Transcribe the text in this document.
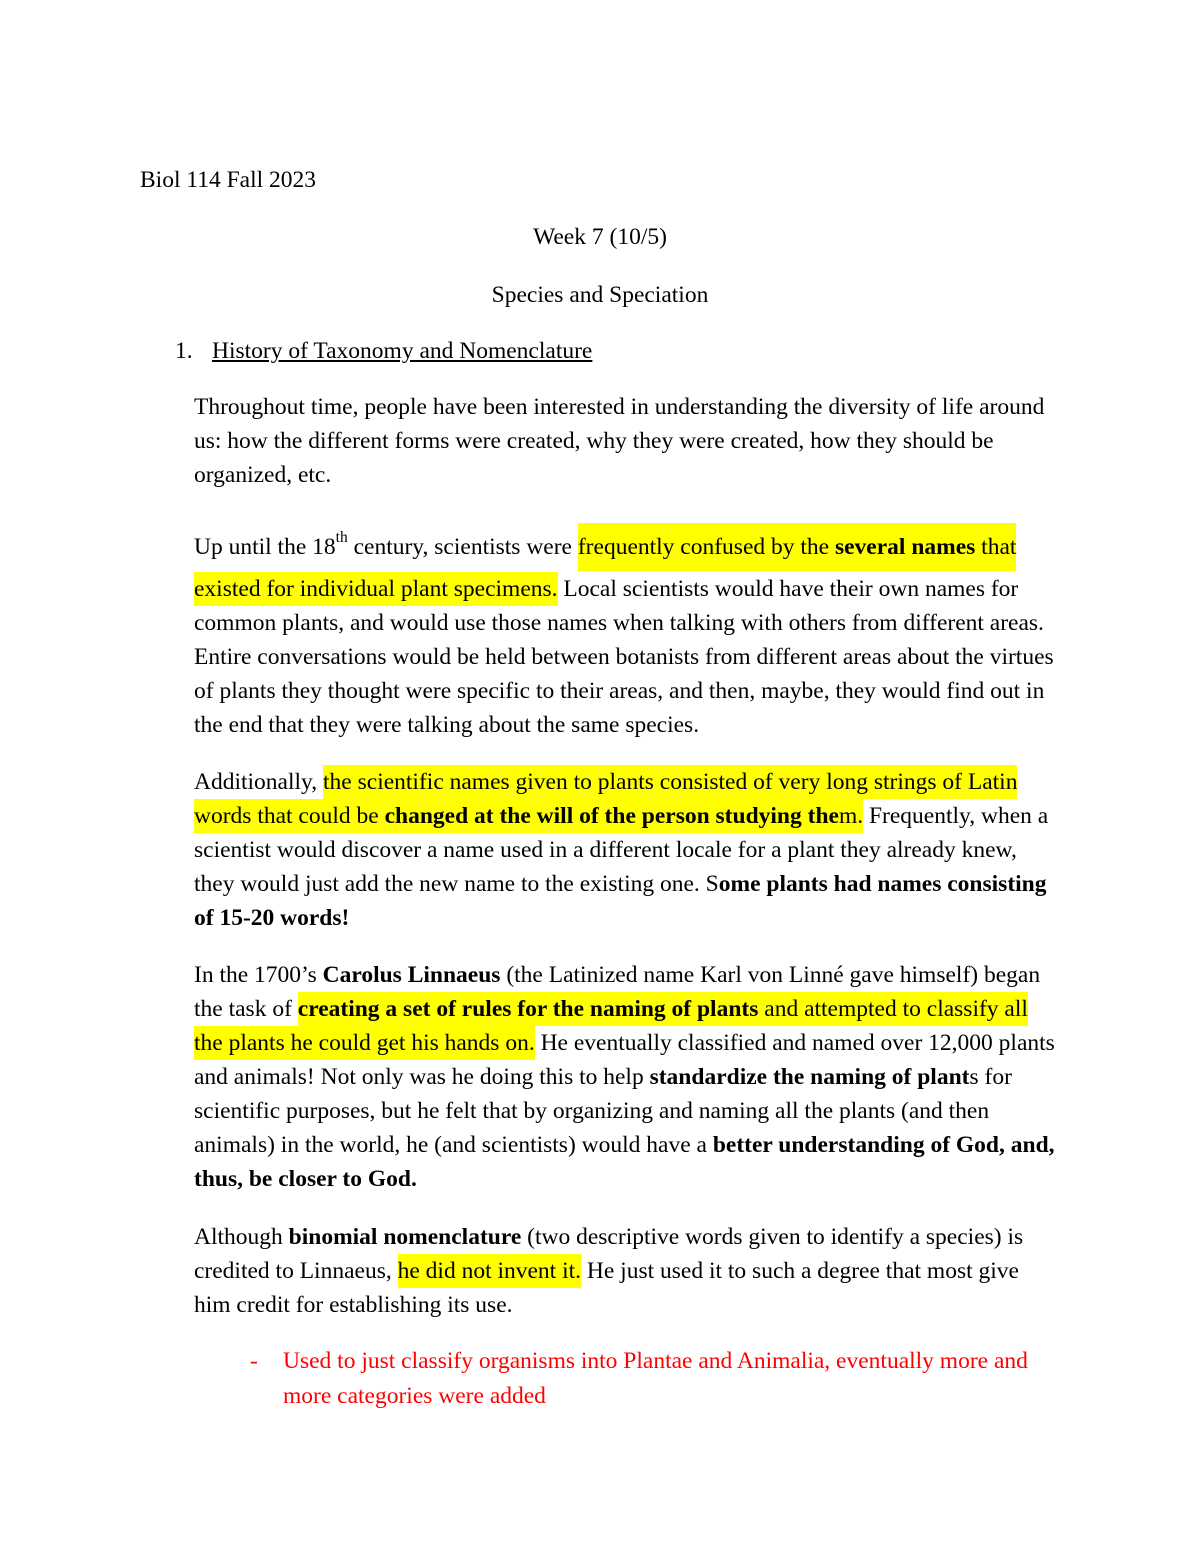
Biol 114 Fall 2023
Week 7 (10/5)
Species and Speciation
1. History of Taxonomy and Nomenclature
Throughout time, people have been interested in understanding the diversity of life around
us: how the different forms were created, why they were created, how they should be
organized, etc.
Up until the 18th century, scientists were frequently confused by the several names that
existed for individual plant specimens. Local scientists would have their own names for
common plants, and would use those names when talking with others from different areas.
Entire conversations would be held between botanists from different areas about the virtues
of plants they thought were specific to their areas, and then, maybe, they would find out in
the end that they were talking about the same species.
Additionally, the scientific names given to plants consisted of very long strings of Latin
words that could be changed at the will of the person studying them. Frequently, when a
scientist would discover a name used in a different locale for a plant they already knew,
they would just add the new name to the existing one. Some plants had names consisting
of 15-20 words!
In the 1700’s Carolus Linnaeus (the Latinized name Karl von Linné gave himself) began
the task of creating a set of rules for the naming of plants and attempted to classify all
the plants he could get his hands on. He eventually classified and named over 12,000 plants
and animals! Not only was he doing this to help standardize the naming of plants for
scientific purposes, but he felt that by organizing and naming all the plants (and then
animals) in the world, he (and scientists) would have a better understanding of God, and,
thus, be closer to God.
Although binomial nomenclature (two descriptive words given to identify a species) is
credited to Linnaeus, he did not invent it. He just used it to such a degree that most give
him credit for establishing its use.
- Used to just classify organisms into Plantae and Animalia, eventually more and
more categories were added
